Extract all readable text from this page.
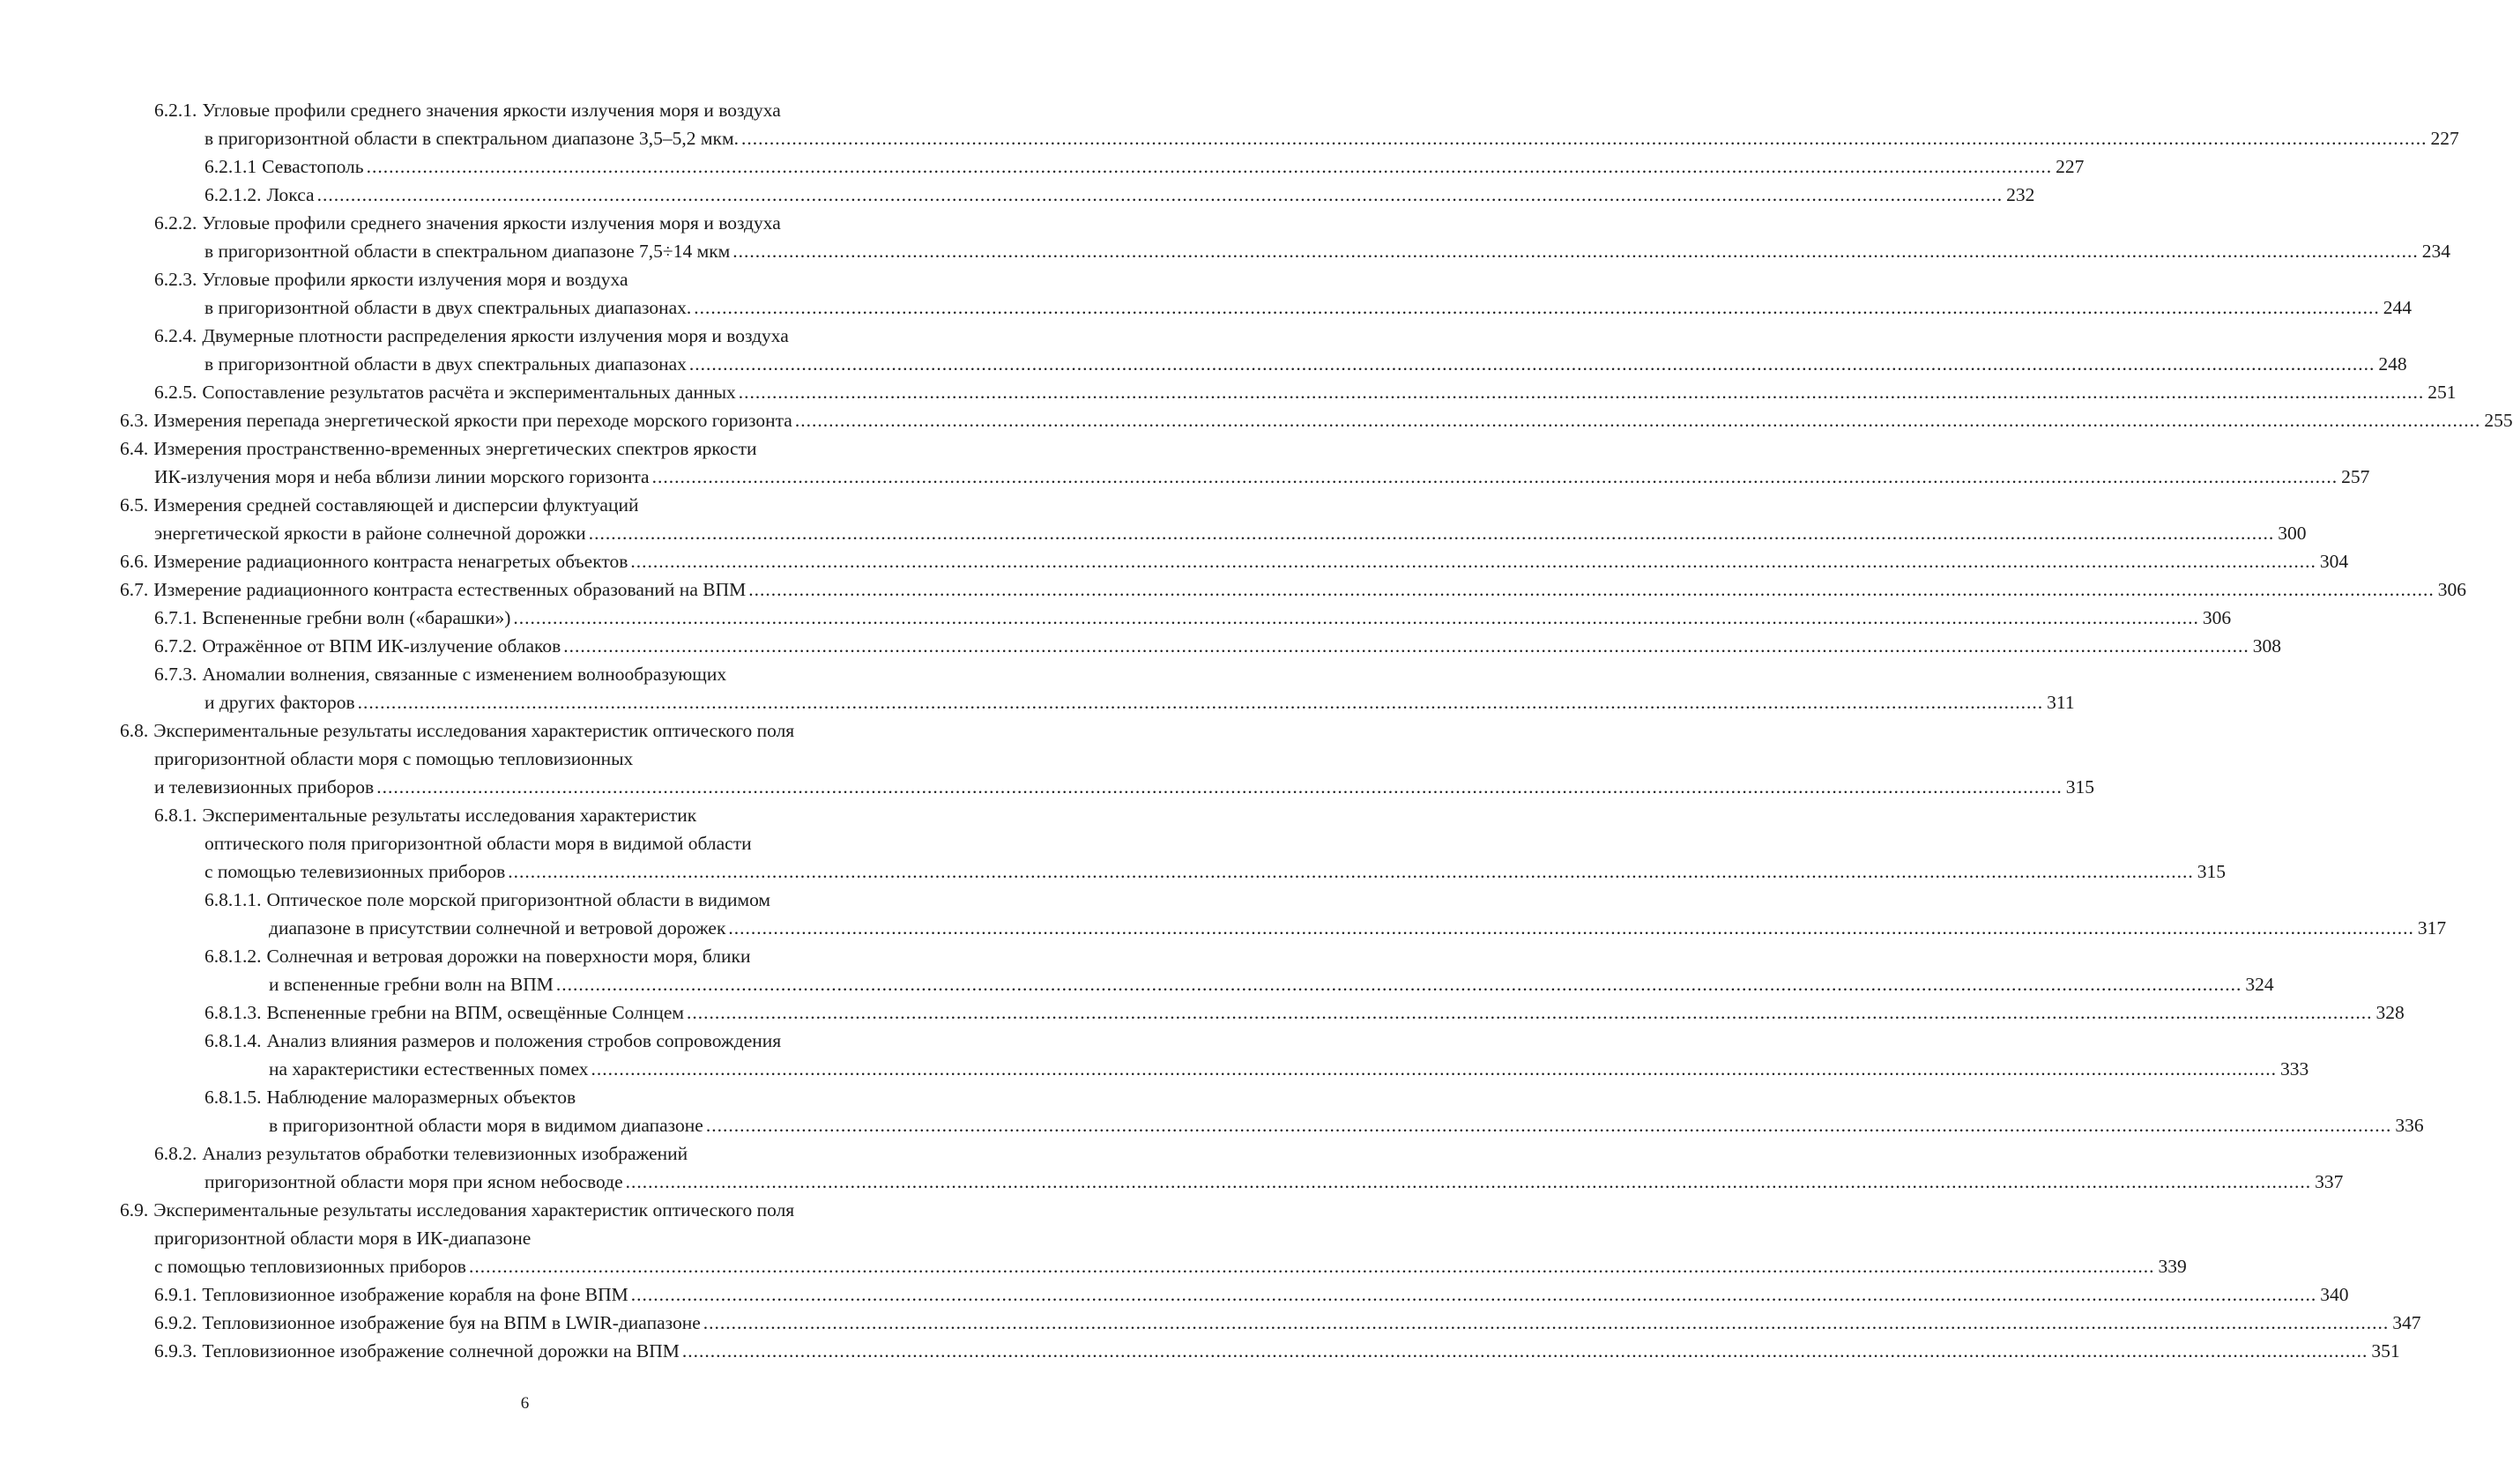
6.2.1. Угловые профили среднего значения яркости излучения моря и воздуха
в пригоризонтной области в спектральном диапазоне 3,5–5,2 мкм. ............................................................................................................................................................................................................................................................................................................ 227
6.2.1.1 Севастополь ............................................................................................................................................................................................................................................................................................................ 227
6.2.1.2. Локса ............................................................................................................................................................................................................................................................................................................ 232
6.2.2. Угловые профили среднего значения яркости излучения моря и воздуха
в пригоризонтной области в спектральном диапазоне 7,5÷14 мкм ............................................................................................................................................................................................................................................................................................................ 234
6.2.3. Угловые профили яркости излучения моря и воздуха
в пригоризонтной области в двух спектральных диапазонах. ............................................................................................................................................................................................................................................................................................................ 244
6.2.4. Двумерные плотности распределения яркости излучения моря и воздуха
в пригоризонтной области в двух спектральных диапазонах ............................................................................................................................................................................................................................................................................................................ 248
6.2.5. Сопоставление результатов расчёта и экспериментальных данных ............................................................................................................................................................................................................................................................................................................ 251
6.3. Измерения перепада энергетической яркости при переходе морского горизонта ............................................................................................................................................................................................................................................................................................................ 255
6.4. Измерения пространственно-временных энергетических спектров яркости
ИК-излучения моря и неба вблизи линии морского горизонта ............................................................................................................................................................................................................................................................................................................ 257
6.5. Измерения средней составляющей и дисперсии флуктуаций
энергетической яркости в районе солнечной дорожки ............................................................................................................................................................................................................................................................................................................ 300
6.6. Измерение радиационного контраста ненагретых объектов ............................................................................................................................................................................................................................................................................................................ 304
6.7. Измерение радиационного контраста естественных образований на ВПМ ............................................................................................................................................................................................................................................................................................................ 306
6.7.1. Вспененные гребни волн («барашки») ............................................................................................................................................................................................................................................................................................................ 306
6.7.2. Отражённое от ВПМ ИК-излучение облаков ............................................................................................................................................................................................................................................................................................................ 308
6.7.3. Аномалии волнения, связанные с изменением волнообразующих
и других факторов ............................................................................................................................................................................................................................................................................................................ 311
6.8. Экспериментальные результаты исследования характеристик оптического поля
пригоризонтной области моря с помощью тепловизионных
и телевизионных приборов ............................................................................................................................................................................................................................................................................................................ 315
6.8.1. Экспериментальные результаты исследования характеристик
оптического поля пригоризонтной области моря в видимой области
с помощью телевизионных приборов ............................................................................................................................................................................................................................................................................................................ 315
6.8.1.1. Оптическое поле морской пригоризонтной области в видимом
диапазоне в присутствии солнечной и ветровой дорожек ............................................................................................................................................................................................................................................................................................................ 317
6.8.1.2. Солнечная и ветровая дорожки на поверхности моря, блики
и вспененные гребни волн на ВПМ ............................................................................................................................................................................................................................................................................................................ 324
6.8.1.3. Вспененные гребни на ВПМ, освещённые Солнцем ............................................................................................................................................................................................................................................................................................................ 328
6.8.1.4. Анализ влияния размеров и положения стробов сопровождения
на характеристики естественных помех ............................................................................................................................................................................................................................................................................................................ 333
6.8.1.5. Наблюдение малоразмерных объектов
в пригоризонтной области моря в видимом диапазоне ............................................................................................................................................................................................................................................................................................................ 336
6.8.2. Анализ результатов обработки телевизионных изображений
пригоризонтной области моря при ясном небосводе ............................................................................................................................................................................................................................................................................................................ 337
6.9. Экспериментальные результаты исследования характеристик оптического поля
пригоризонтной области моря в ИК-диапазоне
с помощью тепловизионных приборов ............................................................................................................................................................................................................................................................................................................ 339
6.9.1. Тепловизионное изображение корабля на фоне ВПМ ............................................................................................................................................................................................................................................................................................................ 340
6.9.2. Тепловизионное изображение буя на ВПМ в LWIR-диапазоне ............................................................................................................................................................................................................................................................................................................ 347
6.9.3. Тепловизионное изображение солнечной дорожки на ВПМ ............................................................................................................................................................................................................................................................................................................ 351
6
